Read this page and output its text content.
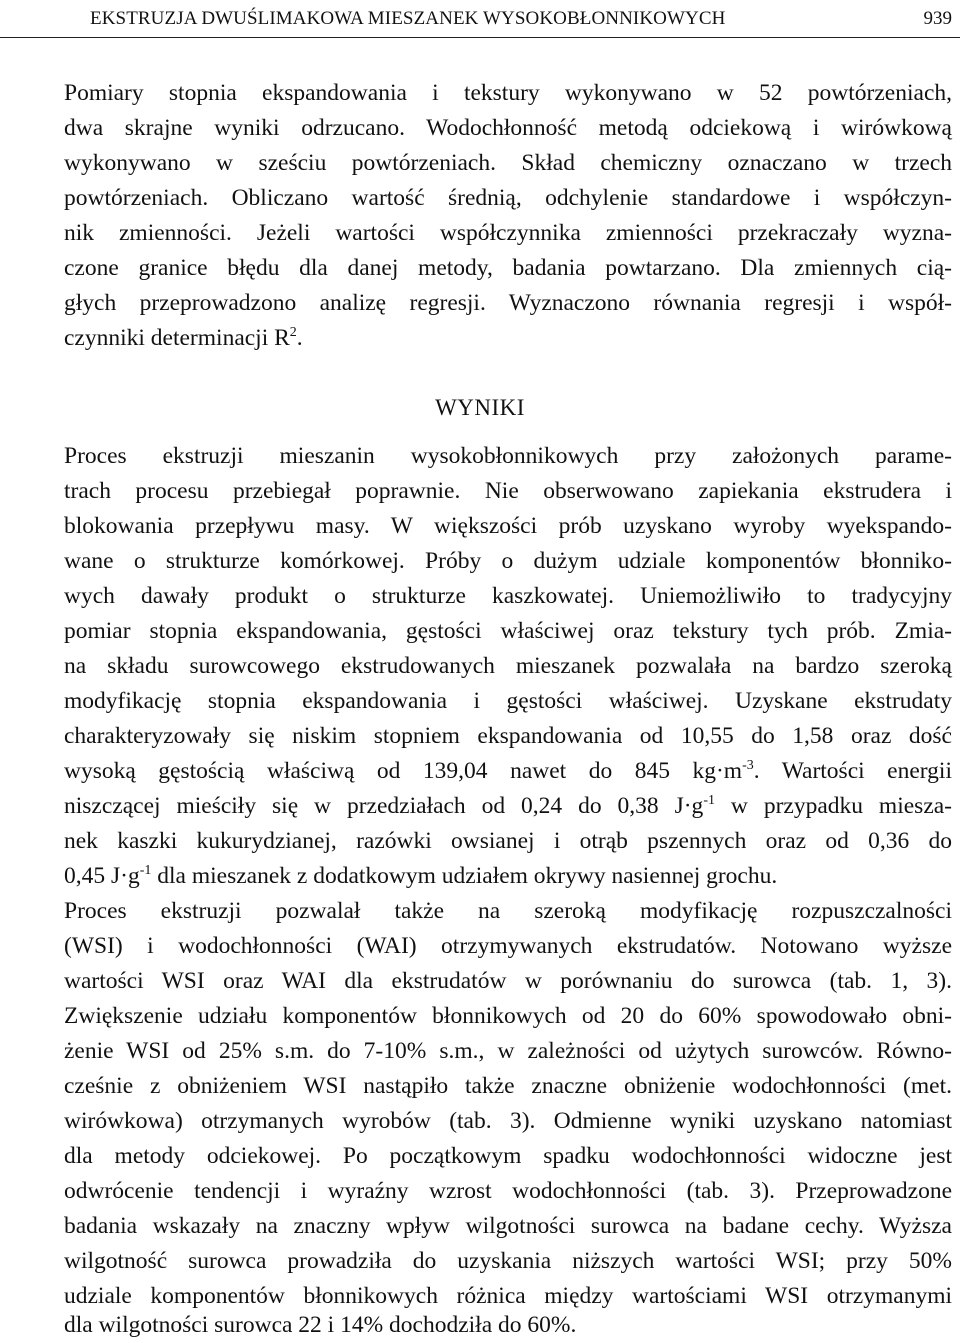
EKSTRUZJA DWUŚLIMAKOWA MIESZANEK WYSOKOBŁONNIKOWYCH	939
Pomiary stopnia ekspandowania i tekstury wykonywano w 52 powtórzeniach,
dwa skrajne wyniki odrzucano. Wodochłonność metodą odciekową i wirówkową
wykonywano w sześciu powtórzeniach. Skład chemiczny oznaczano w trzech
powtórzeniach. Obliczano wartość średnią, odchylenie standardowe i współczyn-
nik zmienności. Jeżeli wartości współczynnika zmienności przekraczały wyzna-
czone granice błędu dla danej metody, badania powtarzano. Dla zmiennych cią-
głych przeprowadzono analizę regresji. Wyznaczono równania regresji i współ-
czynniki determinacji $R^2$.
WYNIKI
Proces ekstruzji mieszanin wysokobłonnikowych przy założonych parame-
trach procesu przebiegał poprawnie. Nie obserwowano zapiekania ekstrudera i
blokowania przepływu masy. W większości prób uzyskano wyroby wyekspando-
wane o strukturze komórkowej. Próby o dużym udziale komponentów błonniko-
wych dawały produkt o strukturze kaszkowatej. Uniemożliwiło to tradycyjny
pomiar stopnia ekspandowania, gęstości właściwej oraz tekstury tych prób. Zmia-
na składu surowcowego ekstrudowanych mieszanek pozwalała na bardzo szeroką
modyfikację stopnia ekspandowania i gęstości właściwej. Uzyskane ekstrudaty
charakteryzowały się niskim stopniem ekspandowania od 10,55 do 1,58 oraz dość
wysoką gęstością właściwą od 139,04 nawet do 845 $kg\cdot m^{-3}$. Wartości energii
niszczącej mieściły się w przedziałach od 0,24 do 0,38 $J\cdot g^{-1}$ w przypadku miesza-
nek kaszki kukurydzianej, razówki owsianej i otrąb pszennych oraz od 0,36 do
0,45 $J\cdot g^{-1}$ dla mieszanek z dodatkowym udziałem okrywy nasiennej grochu.
Proces ekstruzji pozwalał także na szeroką modyfikację rozpuszczalności
(WSI) i wodochłonności (WAI) otrzymywanych ekstrudatów. Notowano wyższe
wartości WSI oraz WAI dla ekstrudatów w porównaniu do surowca (tab. 1, 3).
Zwiększenie udziału komponentów błonnikowych od 20 do 60% spowodowało obni-
żenie WSI od 25% s.m. do 7-10% s.m., w zależności od użytych surowców. Równo-
cześnie z obniżeniem WSI nastąpiło także znaczne obniżenie wodochłonności (met.
wirówkowa) otrzymanych wyrobów (tab. 3). Odmienne wyniki uzyskano natomiast
dla metody odciekowej. Po początkowym spadku wodochłonności widoczne jest
odwrócenie tendencji i wyraźny wzrost wodochłonności (tab. 3). Przeprowadzone
badania wskazały na znaczny wpływ wilgotności surowca na badane cechy. Wyższa
wilgotność surowca prowadziła do uzyskania niższych wartości WSI; przy 50%
udziale komponentów błonnikowych różnica między wartościami WSI otrzymanymi
dla wilgotności surowca 22 i 14% dochodziła do 60%.
